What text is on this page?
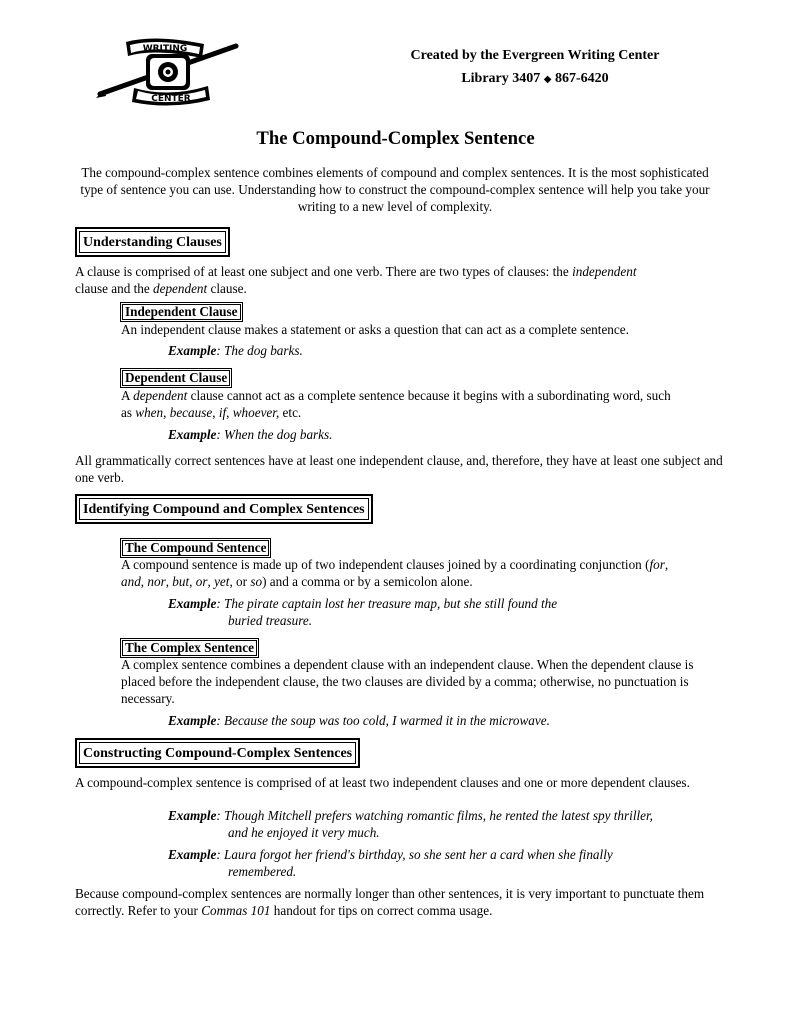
WRITING
CENTER
Created by the Evergreen Writing Center
Library 3407 ◆ 867-6420
The Compound-Complex Sentence
The compound-complex sentence combines elements of compound and complex sentences. It is the most sophisticated type of sentence you can use. Understanding how to construct the compound-complex sentence will help you take your writing to a new level of complexity.
Understanding Clauses
A clause is comprised of at least one subject and one verb. There are two types of clauses: the independent
clause and the dependent clause.
Independent Clause
An independent clause makes a statement or asks a question that can act as a complete sentence.
Example: The dog barks.
Dependent Clause
A dependent clause cannot act as a complete sentence because it begins with a subordinating word, such
as when, because, if, whoever, etc.
Example: When the dog barks.
All grammatically correct sentences have at least one independent clause, and, therefore, they have at least one subject and one verb.
Identifying Compound and Complex Sentences
The Compound Sentence
A compound sentence is made up of two independent clauses joined by a coordinating conjunction (for,
and, nor, but, or, yet, or so) and a comma or by a semicolon alone.
Example: The pirate captain lost her treasure map, but she still found the
buried treasure.
The Complex Sentence
A complex sentence combines a dependent clause with an independent clause. When the dependent clause is placed before the independent clause, the two clauses are divided by a comma; otherwise, no punctuation is necessary.
Example: Because the soup was too cold, I warmed it in the microwave.
Constructing Compound-Complex Sentences
A compound-complex sentence is comprised of at least two independent clauses and one or more dependent clauses.
Example: Though Mitchell prefers watching romantic films, he rented the latest spy thriller,
and he enjoyed it very much.
Example: Laura forgot her friend's birthday, so she sent her a card when she finally
remembered.
Because compound-complex sentences are normally longer than other sentences, it is very important to punctuate them correctly. Refer to your Commas 101 handout for tips on correct comma usage.
